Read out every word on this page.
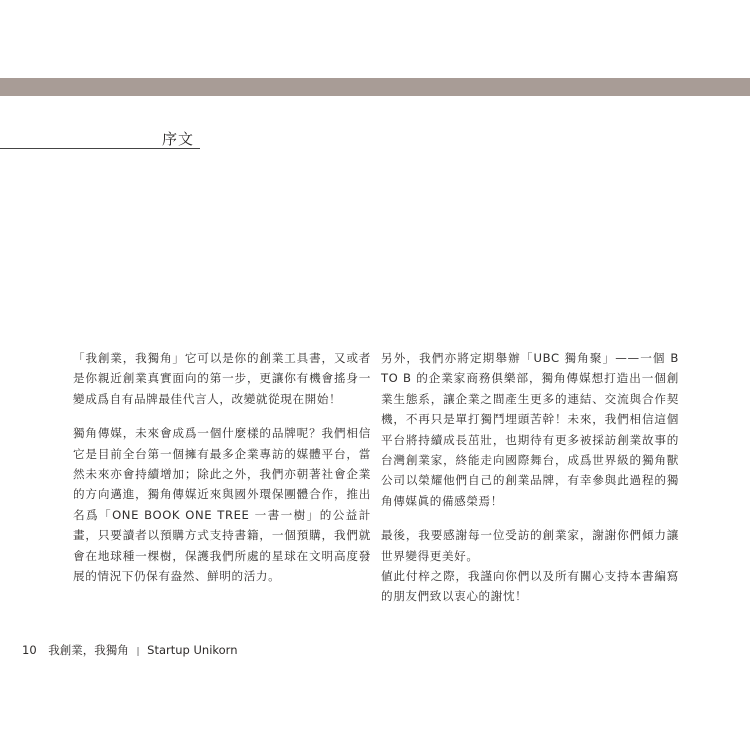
序文

「我創業，我獨角」它可以是你的創業工具書，又或者是你親近創業真實面向的第一步，更讓你有機會搖身一變成爲自有品牌最佳代言人，改變就從現在開始！

獨角傳媒，未來會成爲一個什麼樣的品牌呢？我們相信它是目前全台第一個擁有最多企業專訪的媒體平台，當然未來亦會持續增加；除此之外，我們亦朝著社會企業的方向邁進，獨角傳媒近來與國外環保團體合作，推出名爲「ONE BOOK ONE TREE 一書一樹」的公益計畫，只要讀者以預購方式支持書籍，一個預購，我們就會在地球種一棵樹，保護我們所處的星球在文明高度發展的情況下仍保有盎然、鮮明的活力。

另外，我們亦將定期舉辦「UBC 獨角聚」——一個 B TO B 的企業家商務俱樂部，獨角傳媒想打造出一個創業生態系，讓企業之間產生更多的連結、交流與合作契機，不再只是單打獨鬥埋頭苦幹！未來，我們相信這個平台將持續成長茁壯，也期待有更多被採訪創業故事的台灣創業家，終能走向國際舞台，成爲世界級的獨角獸公司以榮耀他們自己的創業品牌，有幸參與此過程的獨角傳媒眞的備感榮焉！

最後，我要感謝每一位受訪的創業家，謝謝你們傾力讓世界變得更美好。

値此付梓之際，我謹向你們以及所有關心支持本書編寫的朋友們致以衷心的謝忱！

10 我創業，我獨角 | Startup Unikorn
